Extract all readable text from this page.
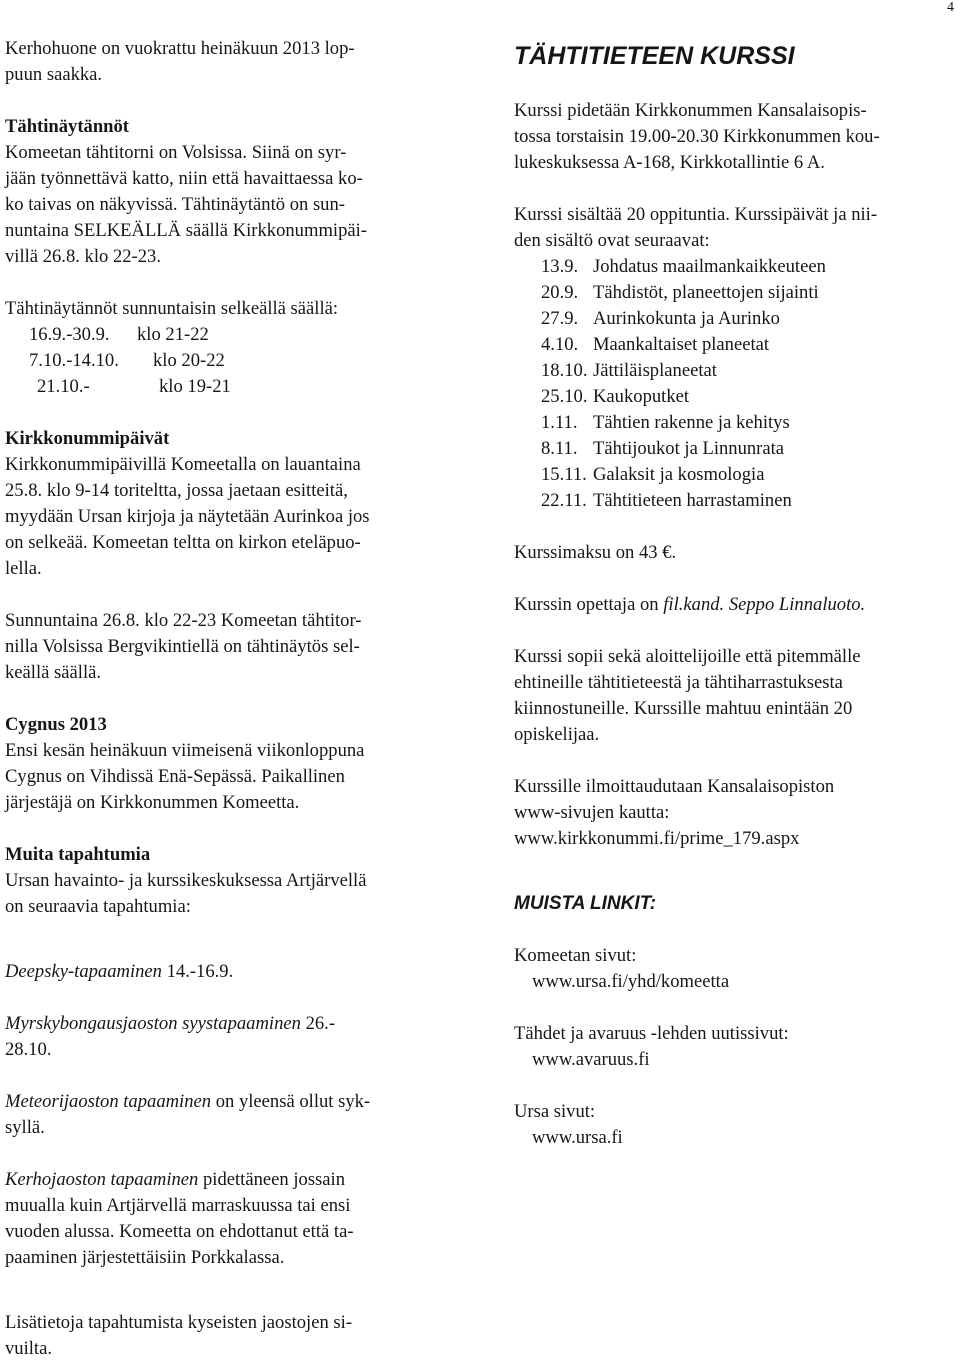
4

Kerhohuone on vuokrattu heinäkuun 2013 lop-

puun saakka.

Tähtinäytännöt

Komeetan tähtitorni on Volsissa. Siinä on syr-

jään työnnettävä katto, niin että havaittaessa ko-

ko taivas on näkyvissä. Tähtinäytäntö on sun-

nuntaina SELKEÄLLÄ säällä Kirkkonummipäi-

villä 26.8. klo 22-23.

Tähtinäytännöt sunnuntaisin selkeällä säällä:

16.9.-30.9.	klo 21-22
7.10.-14.10.	klo 20-22
21.10.-	klo 19-21

Kirkkonummipäivät

Kirkkonummipäivillä Komeetalla on lauantaina

25.8. klo 9-14 toriteltta, jossa jaetaan esitteitä,

myydään Ursan kirjoja ja näytetään Aurinkoa jos

on selkeää. Komeetan teltta on kirkon eteläpuo-

lella.

Sunnuntaina 26.8. klo 22-23 Komeetan tähtitor-

nilla Volsissa Bergvikintiellä on tähtinäytös sel-

keällä säällä.

Cygnus 2013

Ensi kesän heinäkuun viimeisenä viikonloppuna

Cygnus on Vihdissä Enä-Sepässä. Paikallinen

järjestäjä on Kirkkonummen Komeetta.

Muita tapahtumia

Ursan havainto- ja kurssikeskuksessa Artjärvellä

on seuraavia tapahtumia:

Deepsky-tapaaminen 14.-16.9.

Myrskybongausjaoston syystapaaminen 26.-

28.10.

Meteorijaoston tapaaminen on yleensä ollut syk-

syllä.

Kerhojaoston tapaaminen pidettäneen jossain

muualla kuin Artjärvellä marraskuussa tai ensi

vuoden alussa. Komeetta on ehdottanut että ta-

paaminen järjestettäisiin Porkkalassa.

Lisätietoja tapahtumista kyseisten jaostojen si-

vuilta.

TÄHTITIETEEN KURSSI

Kurssi pidetään Kirkkonummen Kansalaisopis-

tossa torstaisin 19.00-20.30 Kirkkonummen kou-

lukeskuksessa A-168, Kirkkotallintie 6 A.

Kurssi sisältää 20 oppituntia. Kurssipäivät ja nii-

den sisältö ovat seuraavat:

13.9. Johdatus maailmankaikkeuteen
20.9. Tähdistöt, planeettojen sijainti
27.9. Aurinkokunta ja Aurinko
4.10. Maankaltaiset planeetat
18.10. Jättiläisplaneetat
25.10. Kaukoputket
1.11. Tähtien rakenne ja kehitys
8.11. Tähtijoukot ja Linnunrata
15.11. Galaksit ja kosmologia
22.11. Tähtitieteen harrastaminen

Kurssimaksu on 43 €.

Kurssin opettaja on fil.kand. Seppo Linnaluoto.

Kurssi sopii sekä aloittelijoille että pitemmälle

ehtineille tähtitieteestä ja tähtiharrastuksesta

kiinnostuneille. Kurssille mahtuu enintään 20

opiskelijaa.

Kurssille ilmoittaudutaan Kansalaisopiston

www-sivujen kautta:

www.kirkkonummi.fi/prime_179.aspx

MUISTA LINKIT:

Komeetan sivut:

www.ursa.fi/yhd/komeetta

Tähdet ja avaruus -lehden uutissivut:

www.avaruus.fi

Ursa sivut:

www.ursa.fi
